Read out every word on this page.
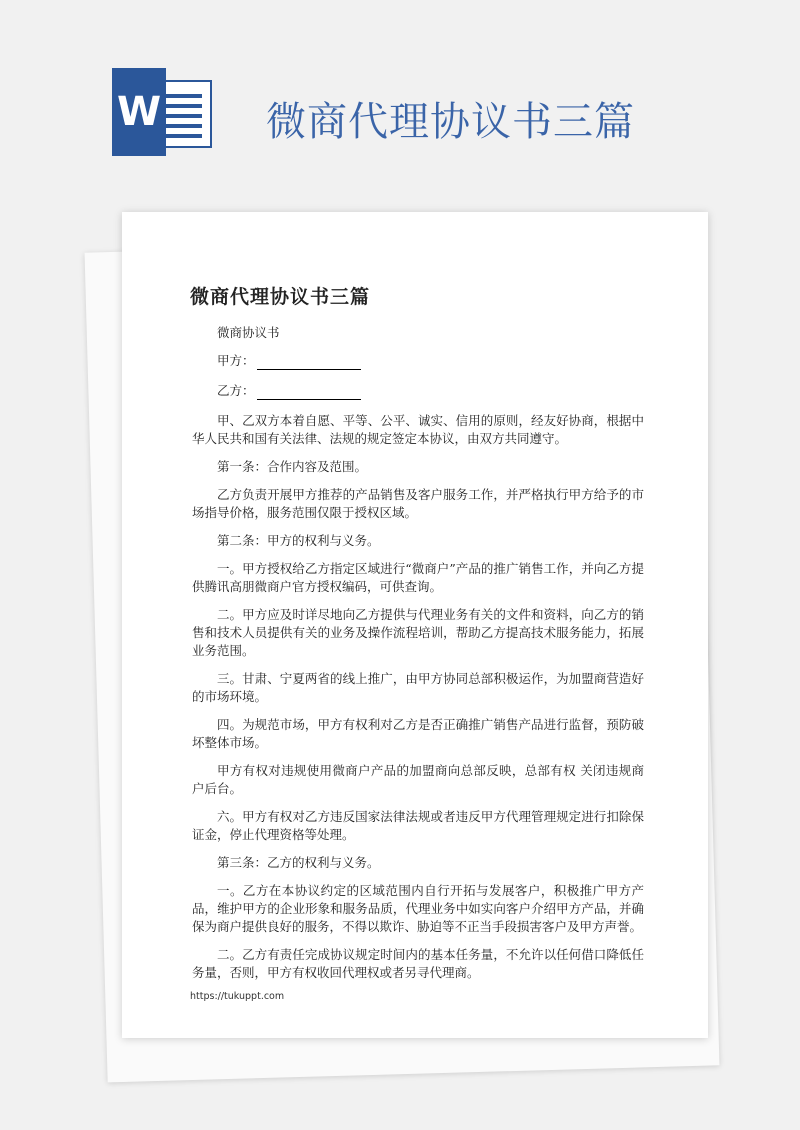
W	微商代理协议书三篇
微商代理协议书三篇

微商协议书

甲方：

乙方：

甲、乙双方本着自愿、平等、公平、诚实、信用的原则，经友好协商，根据中华人民共和国有关法律、法规的规定签定本协议，由双方共同遵守。

第一条：合作内容及范围。

乙方负责开展甲方推荐的产品销售及客户服务工作，并严格执行甲方给予的市场指导价格，服务范围仅限于授权区域。

第二条：甲方的权利与义务。

一。甲方授权给乙方指定区域进行“微商户”产品的推广销售工作，并向乙方提供腾讯高朋微商户官方授权编码，可供查询。

二。甲方应及时详尽地向乙方提供与代理业务有关的文件和资料，向乙方的销售和技术人员提供有关的业务及操作流程培训，帮助乙方提高技术服务能力，拓展业务范围。

三。甘肃、宁夏两省的线上推广，由甲方协同总部积极运作，为加盟商营造好的市场环境。

四。为规范市场，甲方有权利对乙方是否正确推广销售产品进行监督，预防破坏整体市场。

甲方有权对违规使用微商户产品的加盟商向总部反映，总部有权 关闭违规商户后台。

六。甲方有权对乙方违反国家法律法规或者违反甲方代理管理规定进行扣除保证金，停止代理资格等处理。

第三条：乙方的权利与义务。

一。乙方在本协议约定的区域范围内自行开拓与发展客户，积极推广甲方产品，维护甲方的企业形象和服务品质，代理业务中如实向客户介绍甲方产品，并确保为商户提供良好的服务，不得以欺诈、胁迫等不正当手段损害客户及甲方声誉。

二。乙方有责任完成协议规定时间内的基本任务量，不允许以任何借口降低任务量，否则，甲方有权收回代理权或者另寻代理商。

https://tukuppt.com
